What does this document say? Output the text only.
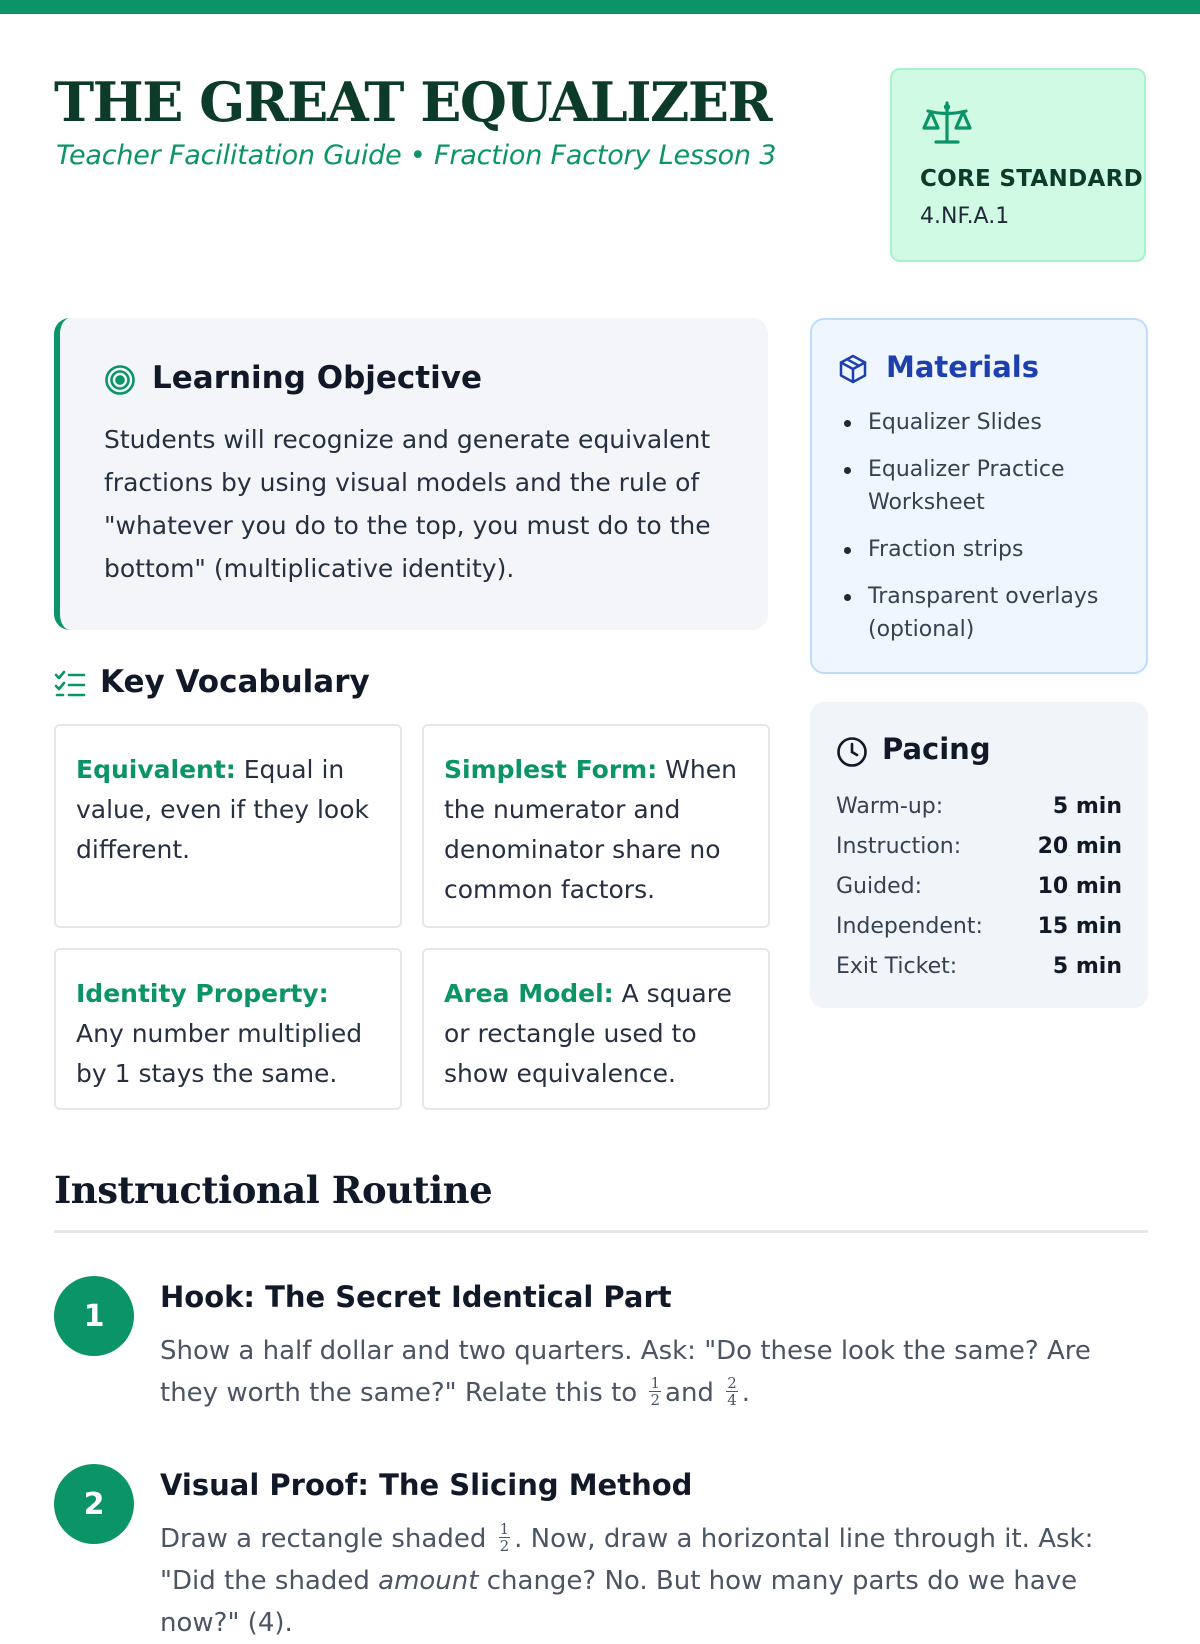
THE GREAT EQUALIZER
Teacher Facilitation Guide • Fraction Factory Lesson 3
CORE STANDARD
4.NF.A.1
Learning Objective

Students will recognize and generate equivalent fractions by using visual models and the rule of "whatever you do to the top, you must do to the bottom" (multiplicative identity).

Key Vocabulary
Equivalent: Equal in value, even if they look different.
Simplest Form: When the numerator and denominator share no common factors.
Identity Property: Any number multiplied by 1 stays the same.
Area Model: A square or rectangle used to show equivalence.
Materials
Equalizer Slides
Equalizer Practice Worksheet
Fraction strips
Transparent overlays (optional)
Pacing
Warm-up:	5 min
Instruction:	20 min
Guided:	10 min
Independent: 15 min
Exit Ticket:	5 min
Instructional Routine
1
Hook: The Secret Identical Part

Show a half dollar and two quarters. Ask: "Do these look the same? Are they worth the same?" Relate this to $\frac{1}{2}$ and $\frac{2}{4}$ .

2
Visual Proof: The Slicing Method

Draw a rectangle shaded $\frac{1}{2}$ . Now, draw a horizontal line through it. Ask: "Did the shaded amount change? No. But how many parts do we have now?" (4).
